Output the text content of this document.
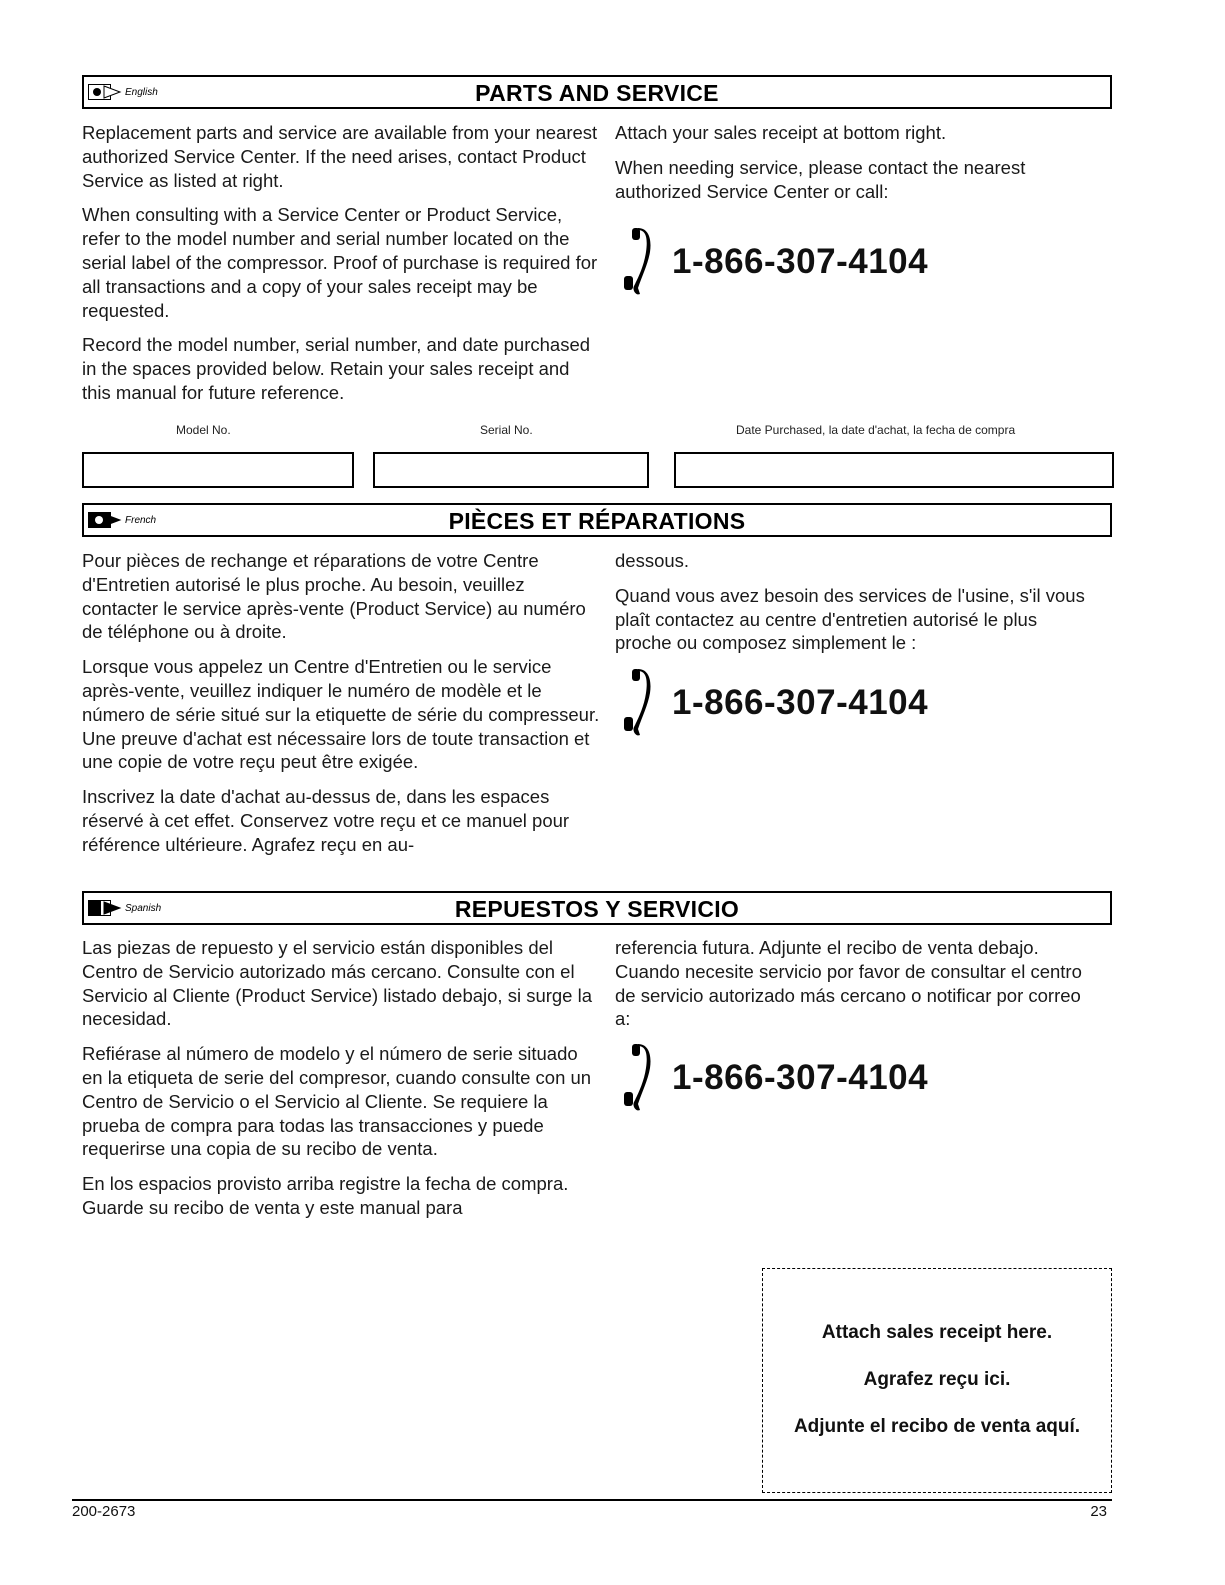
English	PARTS AND SERVICE

Replacement parts and service are available from your nearest authorized Service Center. If the need arises, contact Product Service as listed at right.

When consulting with a Service Center or Product Service, refer to the model number and serial number located on the serial label of the compressor. Proof of purchase is required for all transactions and a copy of your sales receipt may be requested.

Record the model number, serial number, and date purchased in the spaces provided below. Retain your sales receipt and this manual for future reference.

Attach your sales receipt at bottom right.

When needing service, please contact the nearest authorized Service Center or call:

1-866-307-4104
Model No.	Serial No.	Date Purchased, la date d'achat, la fecha de compra
French	PIÈCES ET RÉPARATIONS

Pour pièces de rechange et réparations de votre Centre d'Entretien autorisé le plus proche. Au besoin, veuillez contacter le service après-vente (Product Service) au numéro de téléphone ou à droite.

Lorsque vous appelez un Centre d'Entretien ou le service après-vente, veuillez indiquer le numéro de modèle et le númerо de série situé sur la etiquette de série du compresseur. Une preuve d'achat est nécessaire lors de toute transaction et une copie de votre reçu peut être exigée.

Inscrivez la date d'achat au-dessus de, dans les espaces réservé à cet effet. Conservez votre reçu et ce manuel pour référence ultérieure. Agrafez reçu en au-

dessous.

Quand vous avez besoin des services de l'usine, s'il vous plaît contactez au centre d'entretien autorisé le plus proche ou composez simplement le :

1-866-307-4104
Spanish	REPUESTOS Y SERVICIO

Las piezas de repuesto y el servicio están disponibles del Centro de Servicio autorizado más cercano. Consulte con el Servicio al Cliente (Product Service) listado debajo, si surge la necesidad.

Refiérase al número de modelo y el número de serie situado en la etiqueta de serie del compresor, cuando consulte con un Centro de Servicio o el Servicio al Cliente. Se requiere la prueba de compra para todas las transacciones y puede requerirse una copia de su recibo de venta.

En los espacios provisto arriba registre la fecha de compra. Guarde su recibo de venta y este manual para

referencia futura. Adjunte el recibo de venta debajo. Cuando necesite servicio por favor de consultar el centro de servicio autorizado más cercano o notificar por correo a:

1-866-307-4104
Attach sales receipt here.
Agrafez reçu ici.
Adjunte el recibo de venta aquí.
200-2673	23
